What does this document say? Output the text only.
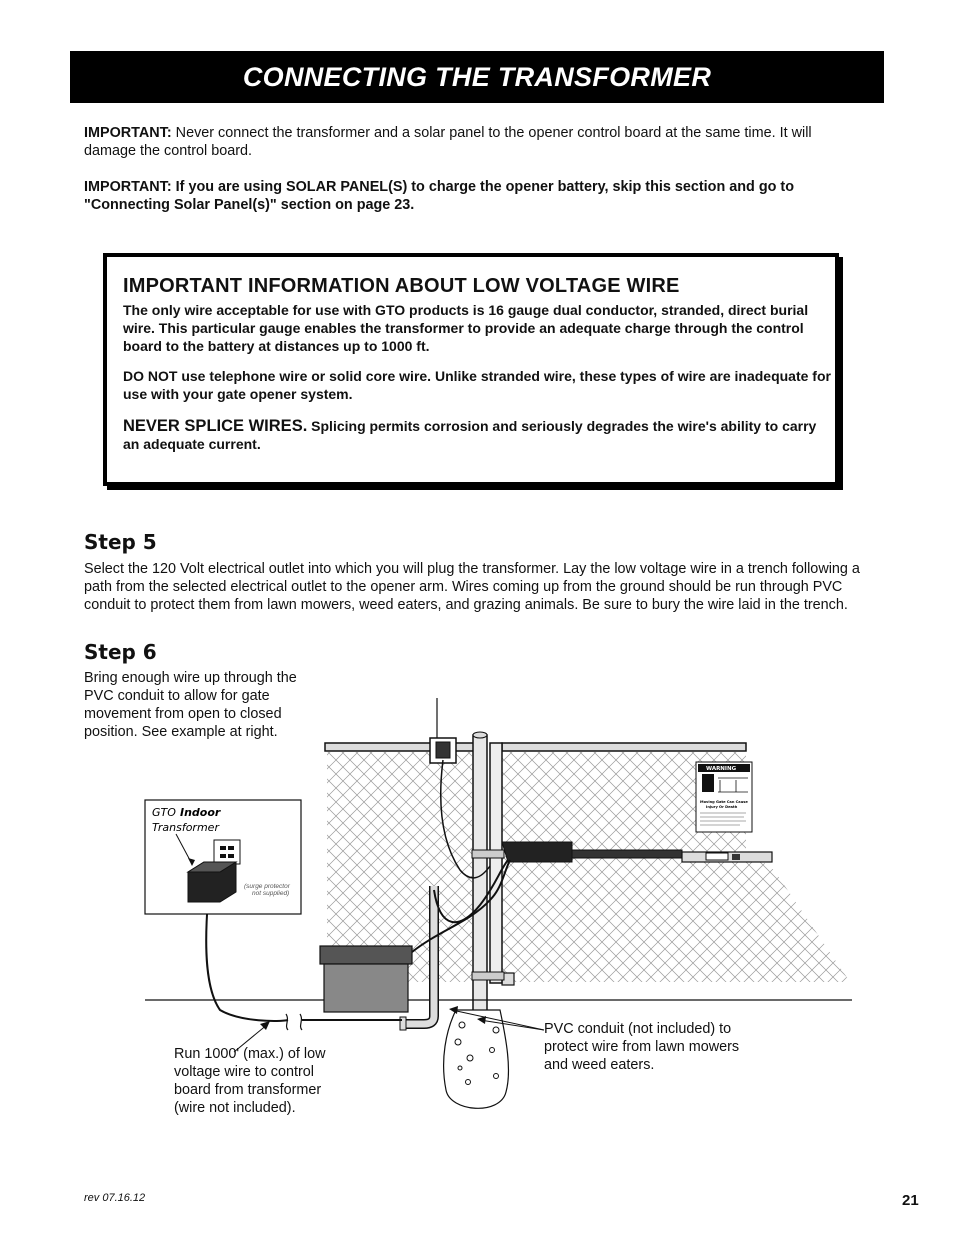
CONNECTING THE TRANSFORMER

IMPORTANT: Never connect the transformer and a solar panel to the opener control board at the same time. It will damage the control board.

IMPORTANT: If you are using SOLAR PANEL(S) to charge the opener battery, skip this section and go to "Connecting Solar Panel(s)" section on page 23.

IMPORTANT INFORMATION ABOUT LOW VOLTAGE WIRE

The only wire acceptable for use with GTO products is 16 gauge dual conductor, stranded, direct burial wire. This particular gauge enables the transformer to provide an adequate charge through the control board to the battery at distances up to 1000 ft.

DO NOT use telephone wire or solid core wire. Unlike stranded wire, these types of wire are inadequate for use with your gate opener system.

NEVER SPLICE WIRES. Splicing permits corrosion and seriously degrades the wire's ability to carry an adequate current.

Step 5

Select the 120 Volt electrical outlet into which you will plug the transformer. Lay the low voltage wire in a trench following a path from the selected electrical outlet to the opener arm. Wires coming up from the ground should be run through PVC conduit to protect them from lawn mowers, weed eaters, and grazing animals. Be sure to bury the wire laid in the trench.

Step 6

Bring enough wire up through the PVC conduit to allow for gate movement from open to closed position. See example at right.

WARNING
Moving Gate Can Cause
Injury Or Death
GTO Indoor
Transformer
(surge protector
not supplied)

Run 1000' (max.) of low voltage wire to control board from transformer (wire not included).

PVC conduit (not included) to protect wire from lawn mowers and weed eaters.

rev 07.16.12	21
